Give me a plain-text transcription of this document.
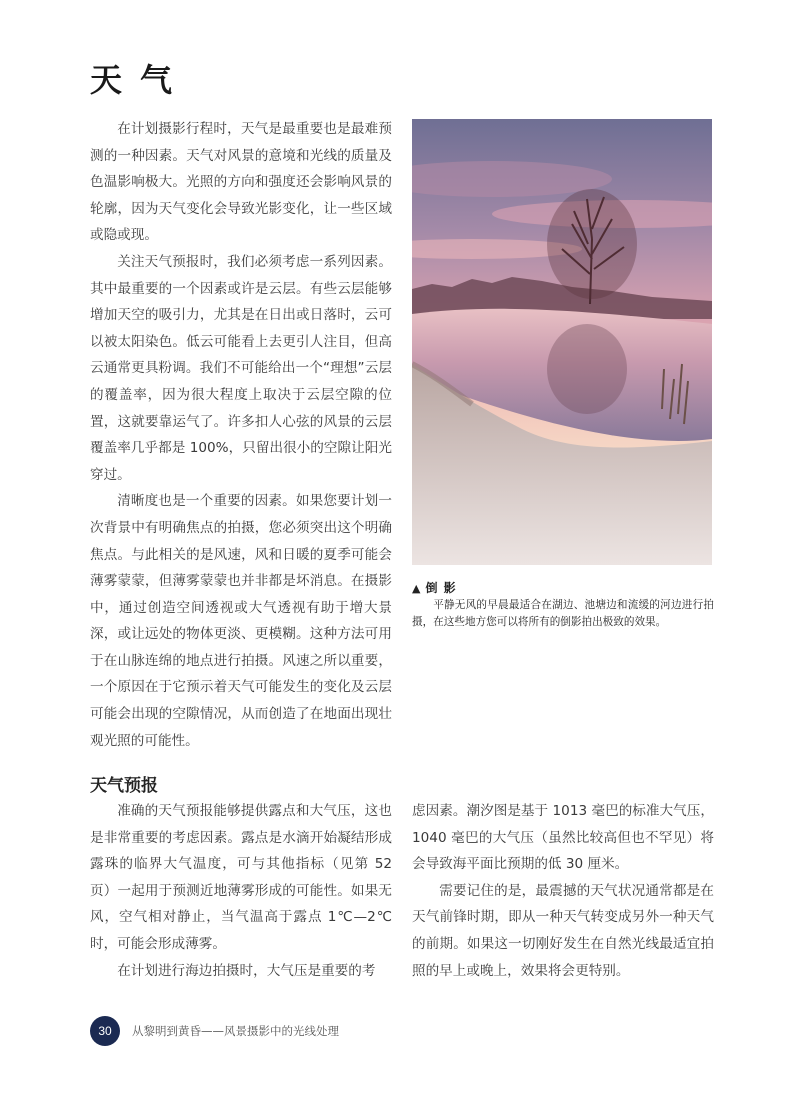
天气

在计划摄影行程时，天气是最重要也是最难预测的一种因素。天气对风景的意境和光线的质量及色温影响极大。光照的方向和强度还会影响风景的轮廓，因为天气变化会导致光影变化，让一些区域或隐或现。

关注天气预报时，我们必须考虑一系列因素。其中最重要的一个因素或许是云层。有些云层能够增加天空的吸引力，尤其是在日出或日落时，云可以被太阳染色。低云可能看上去更引人注目，但高云通常更具粉调。我们不可能给出一个“理想”云层的覆盖率，因为很大程度上取决于云层空隙的位置，这就要靠运气了。许多扣人心弦的风景的云层覆盖率几乎都是 100%，只留出很小的空隙让阳光穿过。

清晰度也是一个重要的因素。如果您要计划一次背景中有明确焦点的拍摄，您必须突出这个明确焦点。与此相关的是风速，风和日暖的夏季可能会薄雾蒙蒙，但薄雾蒙蒙也并非都是坏消息。在摄影中，通过创造空间透视或大气透视有助于增大景深，或让远处的物体更淡、更模糊。这种方法可用于在山脉连绵的地点进行拍摄。风速之所以重要，一个原因在于它预示着天气可能发生的变化及云层可能会出现的空隙情况，从而创造了在地面出现壮观光照的可能性。

▲ 倒 影
平静无风的早晨最适合在湖边、池塘边和流缓的河边进行拍摄，在这些地方您可以将所有的倒影拍出极致的效果。
天气预报

准确的天气预报能够提供露点和大气压，这也是非常重要的考虑因素。露点是水滴开始凝结形成露珠的临界大气温度，可与其他指标（见第 52 页）一起用于预测近地薄雾形成的可能性。如果无风，空气相对静止，当气温高于露点 1℃—2℃ 时，可能会形成薄雾。

在计划进行海边拍摄时，大气压是重要的考

虑因素。潮汐图是基于 1013 毫巴的标准大气压，1040 毫巴的大气压（虽然比较高但也不罕见）将会导致海平面比预期的低 30 厘米。

需要记住的是，最震撼的天气状况通常都是在天气前锋时期，即从一种天气转变成另外一种天气的前期。如果这一切刚好发生在自然光线最适宜拍照的早上或晚上，效果将会更特别。

30	从黎明到黄昏——风景摄影中的光线处理
